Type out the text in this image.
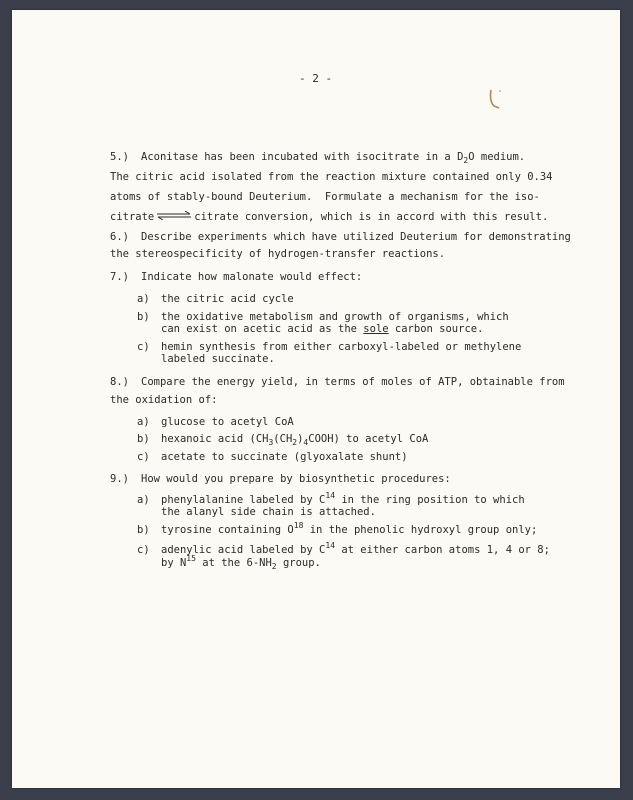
- 2 -
5.) Aconitase has been incubated with isocitrate in a $D_2O$ medium.
The citric acid isolated from the reaction mixture contained only 0.34
atoms of stably-bound Deuterium.  Formulate a mechanism for the iso-
citrate ⇌ citrate conversion, which is in accord with this result.
6.) Describe experiments which have utilized Deuterium for demonstrating
the stereospecificity of hydrogen-transfer reactions.
7.) Indicate how malonate would effect:
a) the citric acid cycle
b) the oxidative metabolism and growth of organisms, which
can exist on acetic acid as the sole carbon source.
c) hemin synthesis from either carboxyl-labeled or methylene
labeled succinate.
8.) Compare the energy yield, in terms of moles of ATP, obtainable from
the oxidation of:
a) glucose to acetyl CoA
b) hexanoic acid $(CH_3(CH_2)_4COOH)$ to acetyl CoA
c) acetate to succinate (glyoxalate shunt)
9.) How would you prepare by biosynthetic procedures:
a) phenylalanine labeled by $C^{14}$ in the ring position to which
the alanyl side chain is attached.
b) tyrosine containing $O^{18}$ in the phenolic hydroxyl group only;
c) adenylic acid labeled by $C^{14}$ at either carbon atoms 1, 4 or 8;
by $N^{15}$ at the $6-NH_2$ group.
